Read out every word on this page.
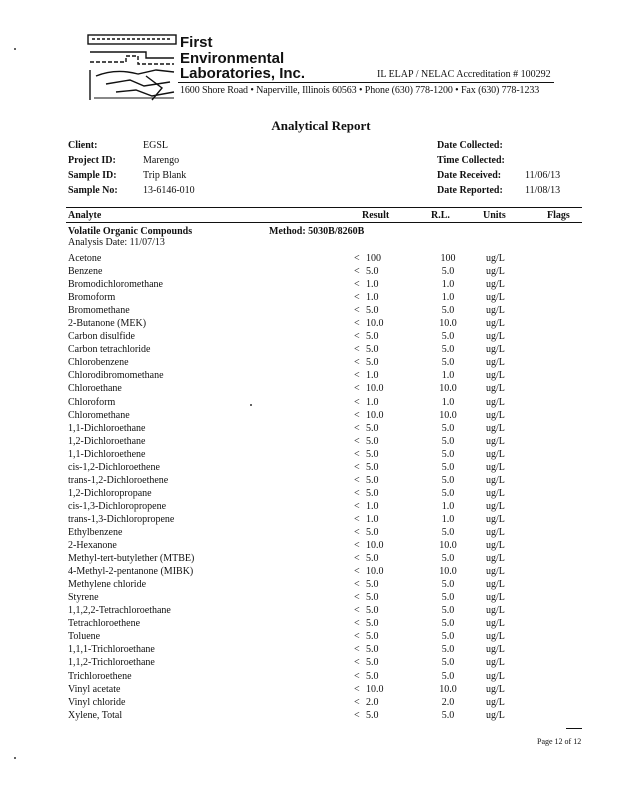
First
Environmental
Laboratories, Inc.	IL ELAP / NELAC Accreditation # 100292
1600 Shore Road • Naperville, Illinois 60563 • Phone (630) 778-1200 • Fax (630) 778-1233
Analytical Report
Client:	EGSL
Project ID:	Marengo
Sample ID:	Trip Blank
Sample No:	13-6146-010
Date Collected:
Time Collected:
Date Received: 11/06/13
Date Reported: 11/08/13
Analyte	Result	R.L.	Units	Flags
Volatile Organic Compounds	Method: 5030B/8260B
Analysis Date: 11/07/13
Acetone	< 100	100	ug/L
Benzene	< 5.0	5.0	ug/L
Bromodichloromethane	< 1.0	1.0	ug/L
Bromoform	< 1.0	1.0	ug/L
Bromomethane	< 5.0	5.0	ug/L
2-Butanone (MEK)	< 10.0	10.0	ug/L
Carbon disulfide	< 5.0	5.0	ug/L
Carbon tetrachloride	< 5.0	5.0	ug/L
Chlorobenzene	< 5.0	5.0	ug/L
Chlorodibromomethane	< 1.0	1.0	ug/L
Chloroethane	< 10.0	10.0	ug/L
Chloroform	< 1.0	1.0	ug/L
Chloromethane	< 10.0	10.0	ug/L
1,1-Dichloroethane	< 5.0	5.0	ug/L
1,2-Dichloroethane	< 5.0	5.0	ug/L
1,1-Dichloroethene	< 5.0	5.0	ug/L
cis-1,2-Dichloroethene	< 5.0	5.0	ug/L
trans-1,2-Dichloroethene	< 5.0	5.0	ug/L
1,2-Dichloropropane	< 5.0	5.0	ug/L
cis-1,3-Dichloropropene	< 1.0	1.0	ug/L
trans-1,3-Dichloropropene	< 1.0	1.0	ug/L
Ethylbenzene	< 5.0	5.0	ug/L
2-Hexanone	< 10.0	10.0	ug/L
Methyl-tert-butylether (MTBE)	< 5.0	5.0	ug/L
4-Methyl-2-pentanone (MIBK)	< 10.0	10.0	ug/L
Methylene chloride	< 5.0	5.0	ug/L
Styrene	< 5.0	5.0	ug/L
1,1,2,2-Tetrachloroethane	< 5.0	5.0	ug/L
Tetrachloroethene	< 5.0	5.0	ug/L
Toluene	< 5.0	5.0	ug/L
1,1,1-Trichloroethane	< 5.0	5.0	ug/L
1,1,2-Trichloroethane	< 5.0	5.0	ug/L
Trichloroethene	< 5.0	5.0	ug/L
Vinyl acetate	< 10.0	10.0	ug/L
Vinyl chloride	< 2.0	2.0	ug/L
Xylene, Total	< 5.0	5.0	ug/L
Page 12 of 12
